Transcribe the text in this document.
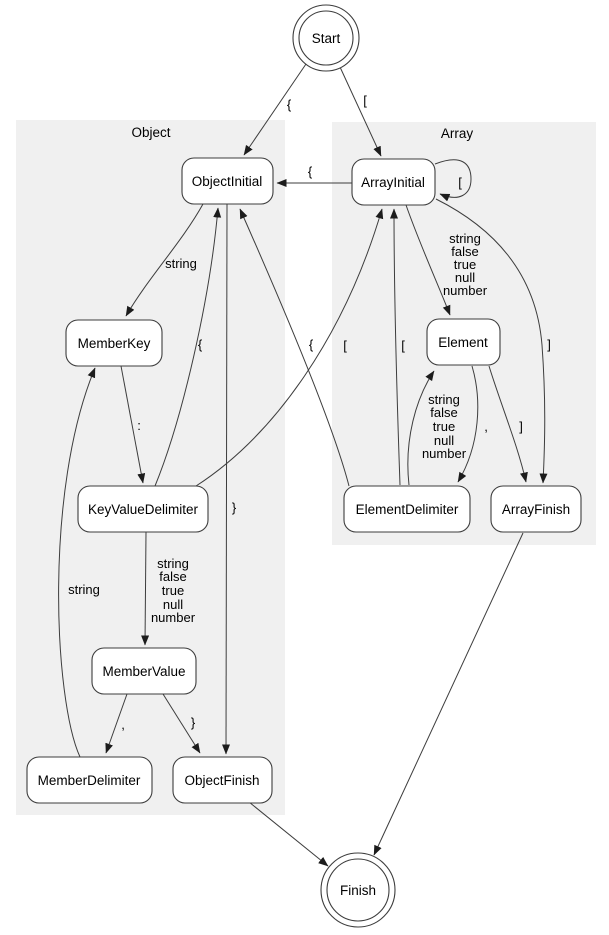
Object	Array
{	[
string
{
[
string
false
true
null
number
]
:
{	[
string
false
true
null
number
}
, ]
string
false
true
null
number
{	[
,	}
string
Start
ObjectInitial	ArrayInitial
MemberKey	Element
KeyValueDelimiter	ElementDelimiter	ArrayFinish
MemberValue
MemberDelimiter	ObjectFinish
Finish
